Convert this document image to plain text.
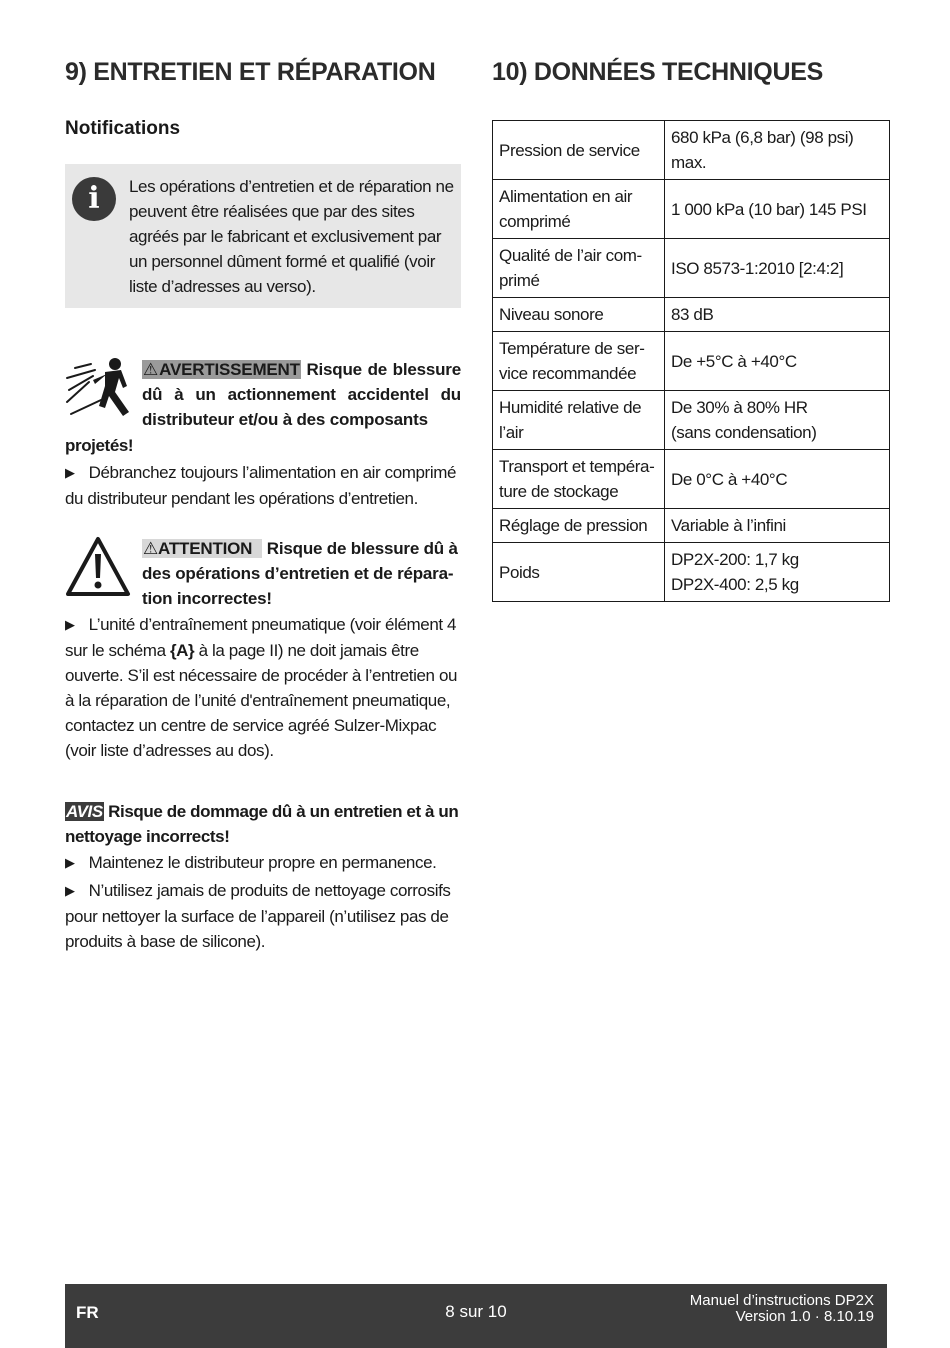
9) ENTRETIEN ET RÉPARATION 10) DONNÉES TECHNIQUES
Notifications
i	Les opérations d’entretien et de réparation ne peuvent être réalisées que par des sites agréés par le fabricant et exclusivement par un personnel dûment formé et qualifié (voir liste d’adresses au verso).
⚠AVERTISSEMENT Risque de blessure dû à un actionnement accidentel du distributeur et/ou à des composants
projetés!
▶ Débranchez toujours l’alimentation en air comprimé du distributeur pendant les opérations d’entretien.
⚠ATTENTION Risque de blessure dû à des opérations d’entretien et de répara-tion incorrectes!
▶ L’unité d’entraînement pneumatique (voir élément 4 sur le schéma {A} à la page II) ne doit jamais être ouverte. S’il est nécessaire de procéder à l’entretien ou à la réparation de l’unité d'entraînement pneumatique, contactez un centre de service agréé Sulzer-Mixpac (voir liste d’adresses au dos).
AVIS Risque de dommage dû à un entretien et à un nettoyage incorrects!
▶ Maintenez le distributeur propre en permanence.
▶ N’utilisez jamais de produits de nettoyage corrosifs pour nettoyer la surface de l’appareil (n’utilisez pas de produits à base de silicone).
Pression de service	680 kPa (6,8 bar) (98 psi) max.
Alimentation en air comprimé	1 000 kPa (10 bar) 145 PSI
Qualité de l’air com-primé	ISO 8573-1:2010 [2:4:2]
Niveau sonore	83 dB
Température de ser-vice recommandée	De +5°C à +40°C
Humidité relative de l’air	De 30% à 80% HR
(sans condensation)
Transport et tempéra-ture de stockage	De 0°C à +40°C
Réglage de pression	Variable à l’infini
Poids	DP2X-200: 1,7 kg
DP2X-400: 2,5 kg
FR	8 sur 10
Manuel d’instructions DP2X
Version 1.0 · 8.10.19
